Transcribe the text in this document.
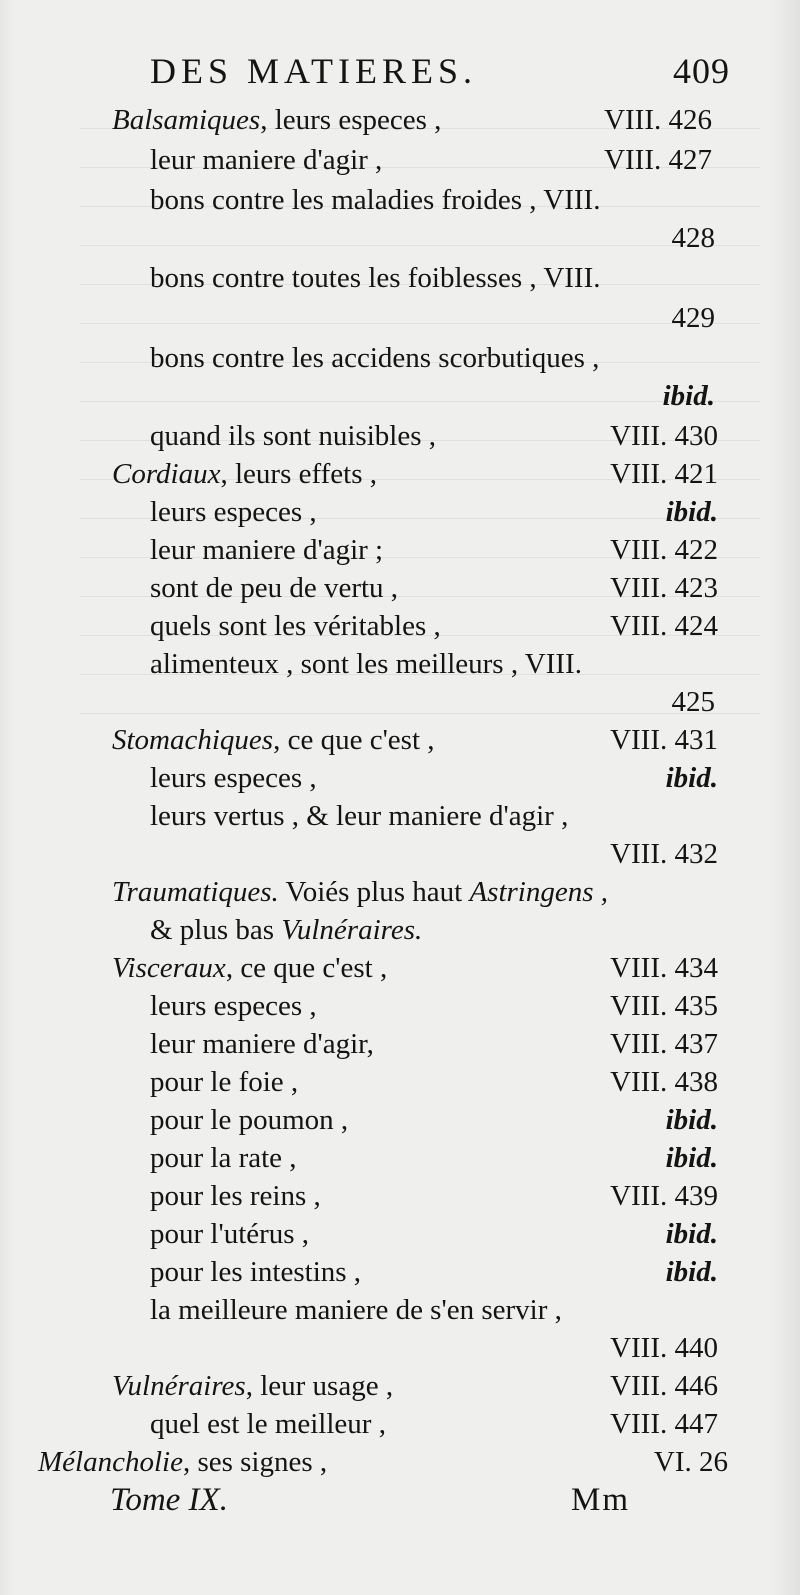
DES MATIERES.	409
Balsamiques, leurs especes ,	VIII. 426
leur maniere d'agir ,	VIII. 427
bons contre les maladies froides , VIII.
428
bons contre toutes les foiblesses , VIII.
429
bons contre les accidens scorbutiques ,
ibid.
quand ils sont nuisibles ,	VIII. 430
Cordiaux, leurs effets ,	VIII. 421
leurs especes ,	ibid.
leur maniere d'agir ;	VIII. 422
sont de peu de vertu ,	VIII. 423
quels sont les véritables ,	VIII. 424
alimenteux , sont les meilleurs , VIII.
425
Stomachiques, ce que c'est ,	VIII. 431
leurs especes ,	ibid.
leurs vertus , & leur maniere d'agir ,
VIII. 432
Traumatiques. Voiés plus haut Astringens ,
& plus bas Vulnéraires.
Visceraux, ce que c'est ,	VIII. 434
leurs especes ,	VIII. 435
leur maniere d'agir,	VIII. 437
pour le foie ,	VIII. 438
pour le poumon ,	ibid.
pour la rate ,	ibid.
pour les reins ,	VIII. 439
pour l'utérus ,	ibid.
pour les intestins ,	ibid.
la meilleure maniere de s'en servir ,
VIII. 440
Vulnéraires, leur usage ,	VIII. 446
quel est le meilleur ,	VIII. 447
Mélancholie, ses signes ,	VI. 26
Tome IX.	Mm
